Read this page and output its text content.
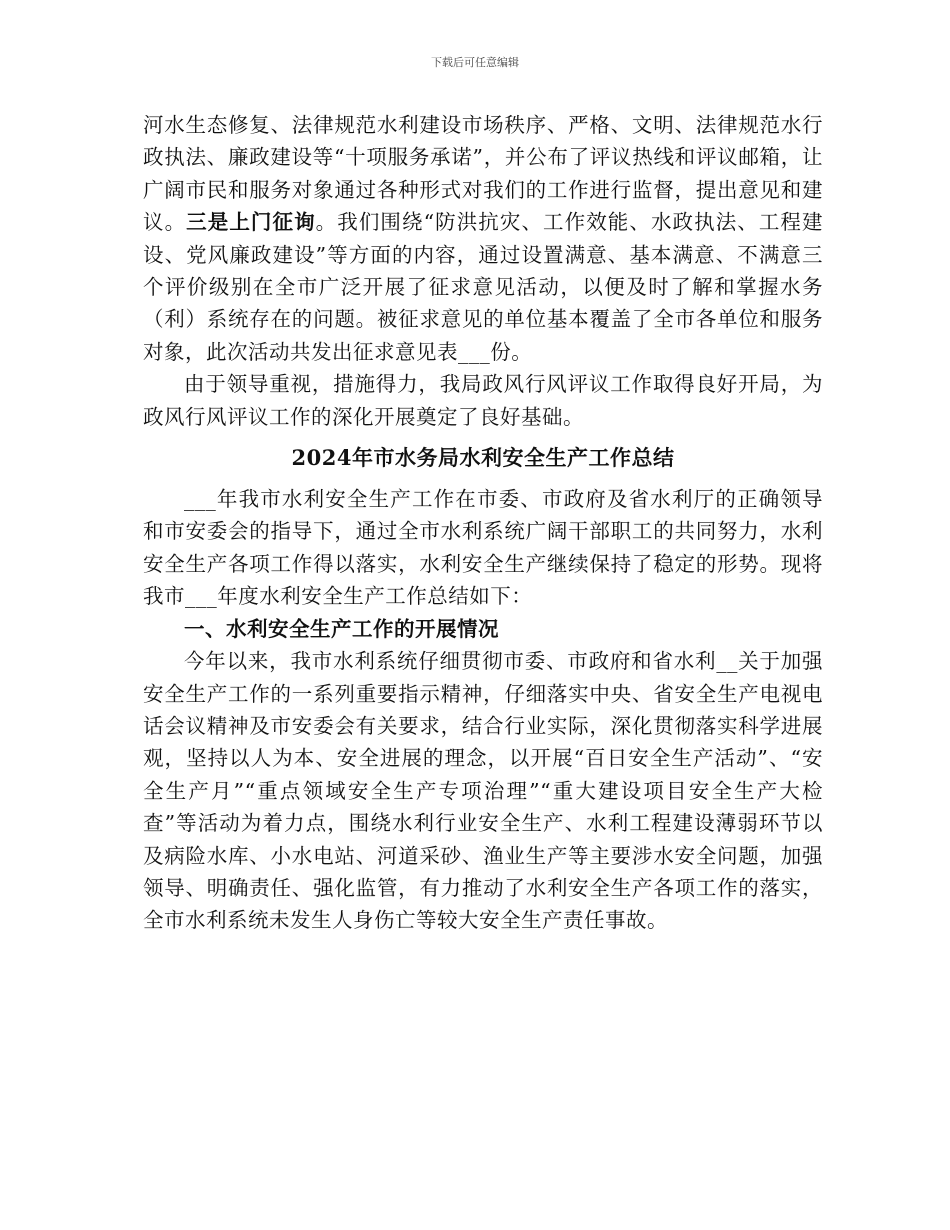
下载后可任意编辑

河水生态修复、法律规范水利建设市场秩序、严格、文明、法律规范水行政执法、廉政建设等“十项服务承诺”，并公布了评议热线和评议邮箱，让广阔市民和服务对象通过各种形式对我们的工作进行监督，提出意见和建议。三是上门征询。我们围绕“防洪抗灾、工作效能、水政执法、工程建设、党风廉政建设”等方面的内容，通过设置满意、基本满意、不满意三个评价级别在全市广泛开展了征求意见活动，以便及时了解和掌握水务（利）系统存在的问题。被征求意见的单位基本覆盖了全市各单位和服务对象，此次活动共发出征求意见表___份。

由于领导重视，措施得力，我局政风行风评议工作取得良好开局，为政风行风评议工作的深化开展奠定了良好基础。

2024年市水务局水利安全生产工作总结

___年我市水利安全生产工作在市委、市政府及省水利厅的正确领导和市安委会的指导下，通过全市水利系统广阔干部职工的共同努力，水利安全生产各项工作得以落实，水利安全生产继续保持了稳定的形势。现将我市___年度水利安全生产工作总结如下：

一、水利安全生产工作的开展情况

今年以来，我市水利系统仔细贯彻市委、市政府和省水利__关于加强安全生产工作的一系列重要指示精神，仔细落实中央、省安全生产电视电话会议精神及市安委会有关要求，结合行业实际，深化贯彻落实科学进展观，坚持以人为本、安全进展的理念，以开展“百日安全生产活动”、“安全生产月”“重点领域安全生产专项治理”“重大建设项目安全生产大检查”等活动为着力点，围绕水利行业安全生产、水利工程建设薄弱环节以及病险水库、小水电站、河道采砂、渔业生产等主要涉水安全问题，加强领导、明确责任、强化监管，有力推动了水利安全生产各项工作的落实，全市水利系统未发生人身伤亡等较大安全生产责任事故。
